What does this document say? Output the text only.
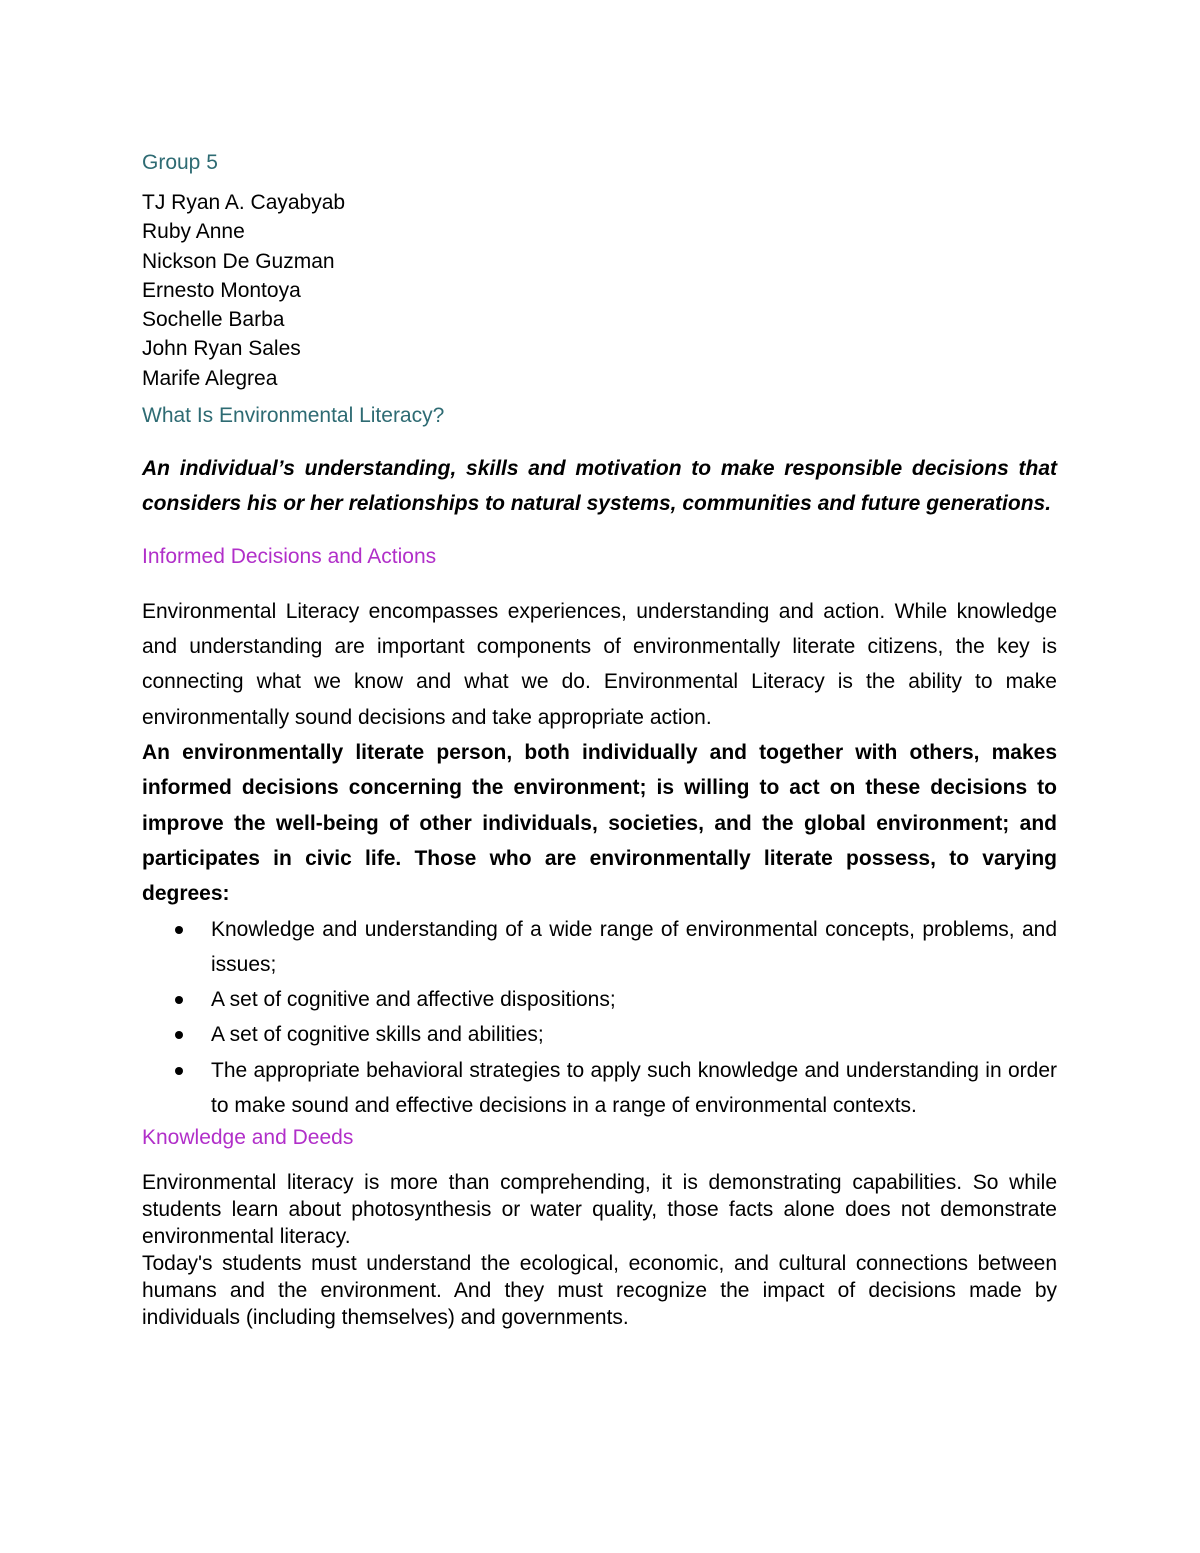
Group 5

TJ Ryan A. Cayabyab
Ruby Anne
Nickson De Guzman
Ernesto Montoya
Sochelle Barba
John Ryan Sales
Marife Alegrea

What Is Environmental Literacy?

An individual’s understanding, skills and motivation to make responsible decisions that considers his or her relationships to natural systems, communities and future generations.

Informed Decisions and Actions

Environmental Literacy encompasses experiences, understanding and action. While knowledge and understanding are important components of environmentally literate citizens, the key is connecting what we know and what we do. Environmental Literacy is the ability to make environmentally sound decisions and take appropriate action.

An environmentally literate person, both individually and together with others, makes informed decisions concerning the environment; is willing to act on these decisions to improve the well-being of other individuals, societies, and the global environment; and participates in civic life. Those who are environmentally literate possess, to varying degrees:

Knowledge and understanding of a wide range of environmental concepts, problems, and issues;
A set of cognitive and affective dispositions;
A set of cognitive skills and abilities;
The appropriate behavioral strategies to apply such knowledge and understanding in order to make sound and effective decisions in a range of environmental contexts.

Knowledge and Deeds

Environmental literacy is more than comprehending, it is demonstrating capabilities. So while students learn about photosynthesis or water quality, those facts alone does not demonstrate environmental literacy.

Today's students must understand the ecological, economic, and cultural connections between humans and the environment. And they must recognize the impact of decisions made by individuals (including themselves) and governments.
